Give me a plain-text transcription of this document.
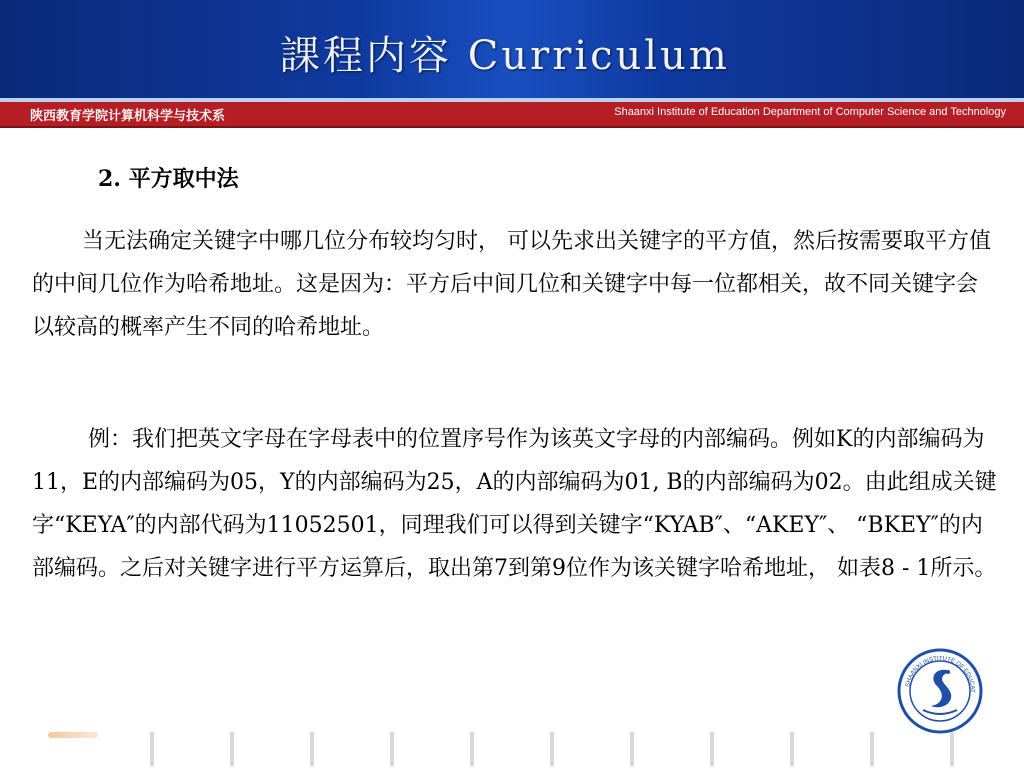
課程内容 Curriculum
陕西教育学院计算机科学与技术系	Shaanxi Institute of Education Department of Computer Science and Technology
2. 平方取中法

当无法确定关键字中哪几位分布较均匀时， 可以先求出关键字的平方值，然后按需要取平方值的中间几位作为哈希地址。这是因为：平方后中间几位和关键字中每一位都相关，故不同关键字会以较高的概率产生不同的哈希地址。

例：我们把英文字母在字母表中的位置序号作为该英文字母的内部编码。例如K的内部编码为11，E的内部编码为05，Y的内部编码为25，A的内部编码为01, B的内部编码为02。由此组成关键字“KEYA″的内部代码为11052501，同理我们可以得到关键字“KYAB″、“AKEY″、 “BKEY″的内部编码。之后对关键字进行平方运算后，取出第7到第9位作为该关键字哈希地址， 如表8 - 1所示。

SHAANXI INSTITUTE OF EDUCAT
